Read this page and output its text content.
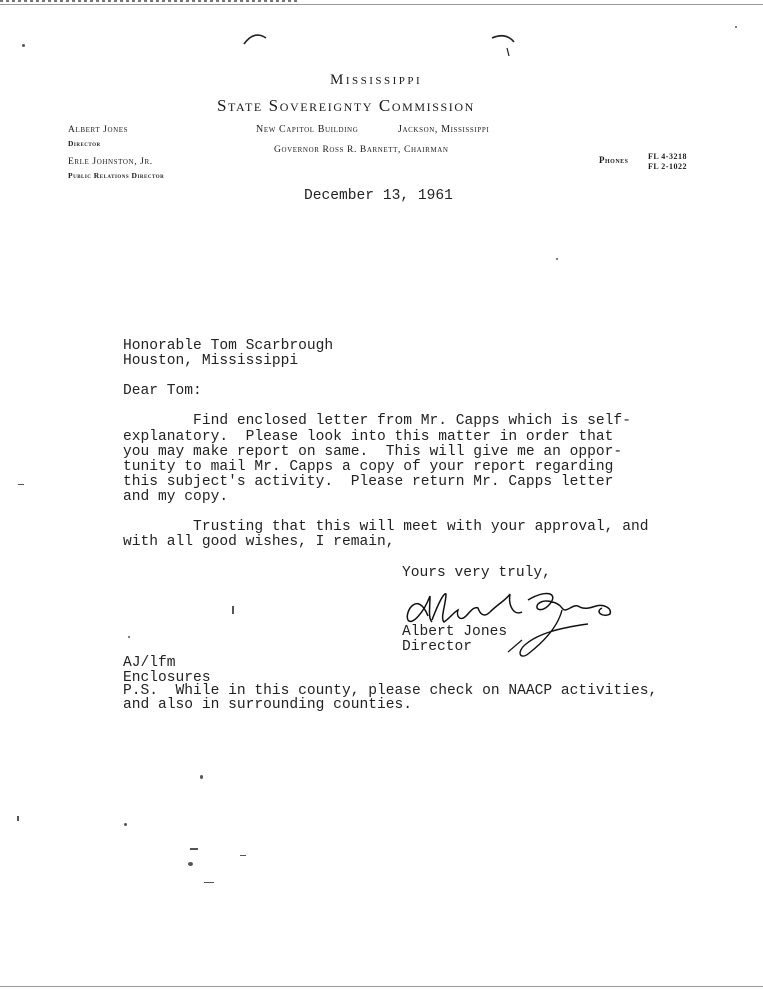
Mississippi
State Sovereignty Commission
New Capitol Building	Jackson, Mississippi
Governor Ross R. Barnett, Chairman
Albert Jones
Director
Erle Johnston, Jr.
Public Relations Director
Phones FL 4-3218
FL 2-1022
December 13, 1961
Honorable Tom Scarbrough
Houston, Mississippi
Dear Tom:
Find enclosed letter from Mr. Capps which is self-
explanatory.  Please look into this matter in order that
you may make report on same.  This will give me an oppor-
tunity to mail Mr. Capps a copy of your report regarding
this subject's activity.  Please return Mr. Capps letter
and my copy.
Trusting that this will meet with your approval, and
with all good wishes, I remain,
Yours very truly,
Albert Jones
Director
AJ/lfm
Enclosures
P.S.  While in this county, please check on NAACP activities,
and also in surrounding counties.
